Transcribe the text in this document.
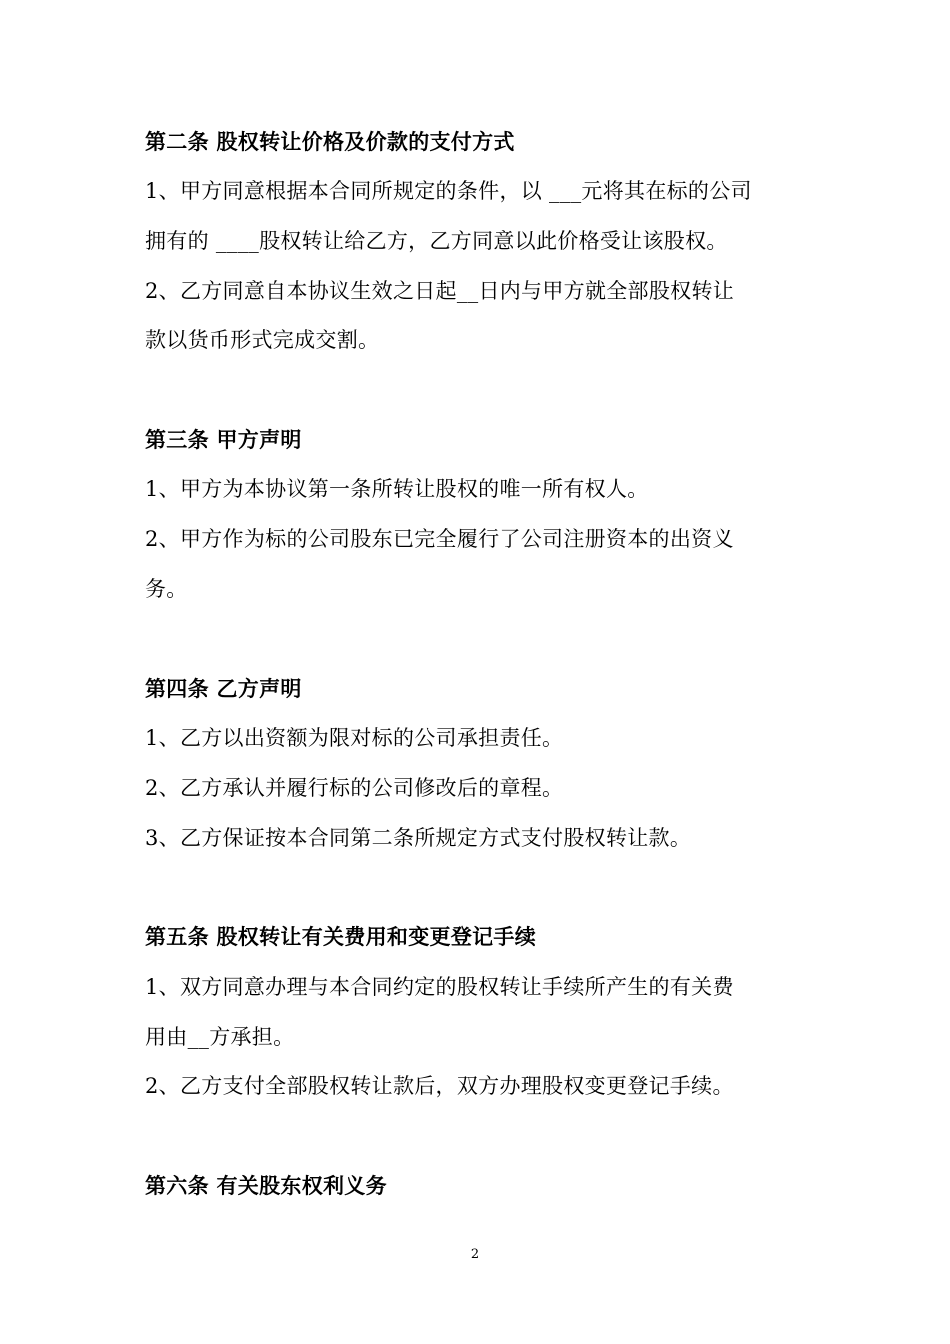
第二条 股权转让价格及价款的支付方式
1、甲方同意根据本合同所规定的条件，以 ___元将其在标的公司
拥有的 ____股权转让给乙方，乙方同意以此价格受让该股权。
2、乙方同意自本协议生效之日起__日内与甲方就全部股权转让
款以货币形式完成交割。
第三条 甲方声明
1、甲方为本协议第一条所转让股权的唯一所有权人。
2、甲方作为标的公司股东已完全履行了公司注册资本的出资义
务。
第四条 乙方声明
1、乙方以出资额为限对标的公司承担责任。
2、乙方承认并履行标的公司修改后的章程。
3、乙方保证按本合同第二条所规定方式支付股权转让款。
第五条 股权转让有关费用和变更登记手续
1、双方同意办理与本合同约定的股权转让手续所产生的有关费
用由__方承担。
2、乙方支付全部股权转让款后，双方办理股权变更登记手续。
第六条 有关股东权利义务
2
